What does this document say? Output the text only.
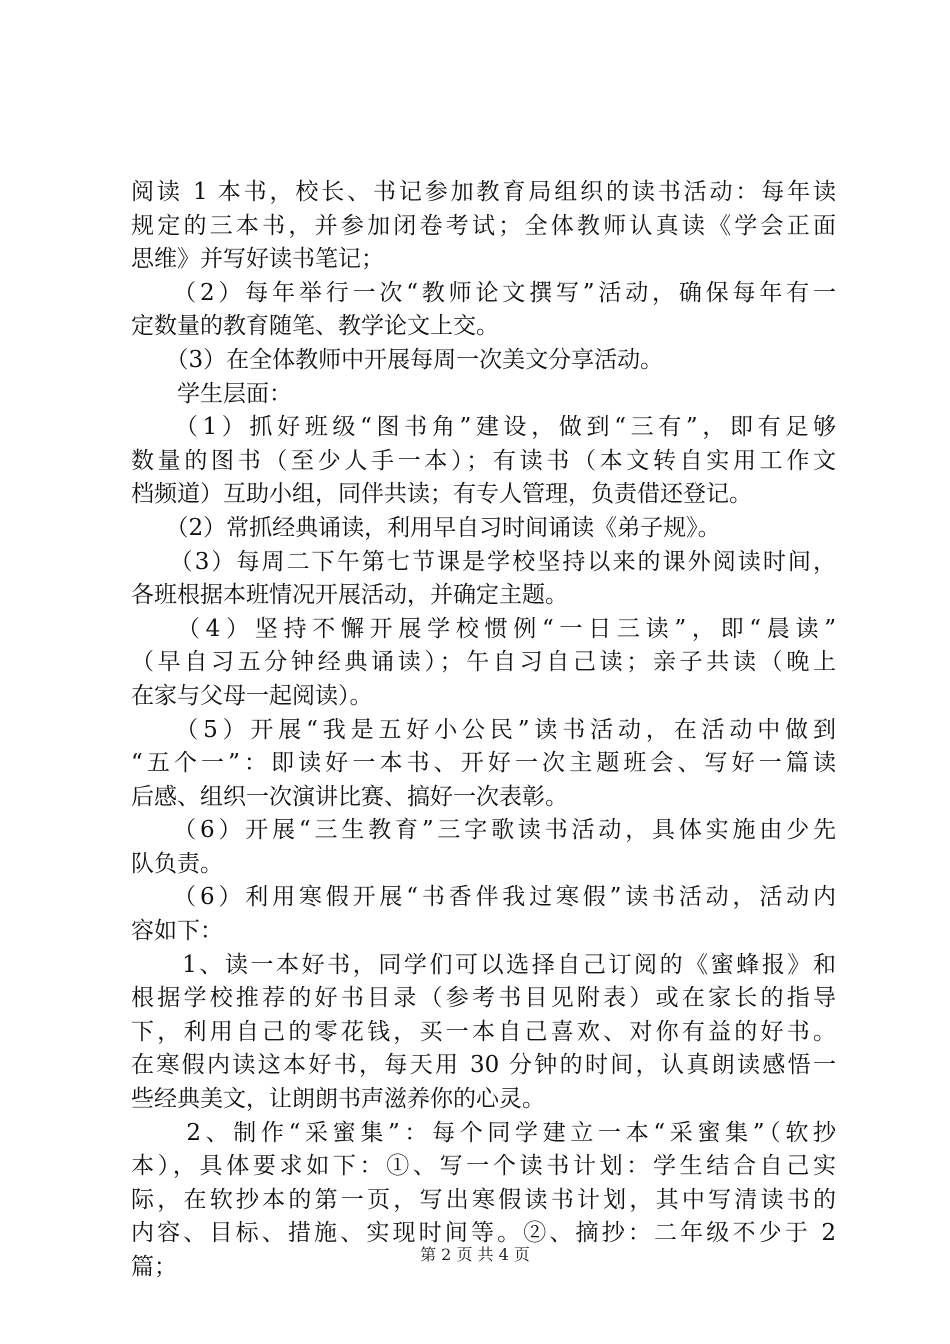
阅读 1 本书，校长、书记参加教育局组织的读书活动：每年读
规定的三本书，并参加闭卷考试；全体教师认真读《学会正面
思维》并写好读书笔记；
　　（2）每年举行一次“教师论文撰写”活动，确保每年有一
定数量的教育随笔、教学论文上交。
　　（3）在全体教师中开展每周一次美文分享活动。
　　学生层面：
　　（1）抓好班级“图书角”建设，做到“三有”，即有足够
数量的图书（至少人手一本）；有读书（本文转自实用工作文
档频道）互助小组，同伴共读；有专人管理，负责借还登记。
　　（2）常抓经典诵读，利用早自习时间诵读《弟子规》。
　　（3）每周二下午第七节课是学校坚持以来的课外阅读时间，
各班根据本班情况开展活动，并确定主题。
　　（4）坚持不懈开展学校惯例“一日三读”，即“晨读”
（早自习五分钟经典诵读）；午自习自己读；亲子共读（晚上
在家与父母一起阅读）。
　　（5）开展“我是五好小公民”读书活动，在活动中做到
“五个一”：即读好一本书、开好一次主题班会、写好一篇读
后感、组织一次演讲比赛、搞好一次表彰。
　　（6）开展“三生教育”三字歌读书活动，具体实施由少先
队负责。
　　（6）利用寒假开展“书香伴我过寒假”读书活动，活动内
容如下：
　　1、读一本好书，同学们可以选择自己订阅的《蜜蜂报》和
根据学校推荐的好书目录（参考书目见附表）或在家长的指导
下，利用自己的零花钱，买一本自己喜欢、对你有益的好书。
在寒假内读这本好书，每天用 30 分钟的时间，认真朗读感悟一
些经典美文，让朗朗书声滋养你的心灵。
　　2、制作“采蜜集”：每个同学建立一本“采蜜集”（软抄
本），具体要求如下：①、写一个读书计划：学生结合自己实
际，在软抄本的第一页，写出寒假读书计划，其中写清读书的
内容、目标、措施、实现时间等。②、摘抄：二年级不少于 2
篇；	第 2 页 共 4 页
